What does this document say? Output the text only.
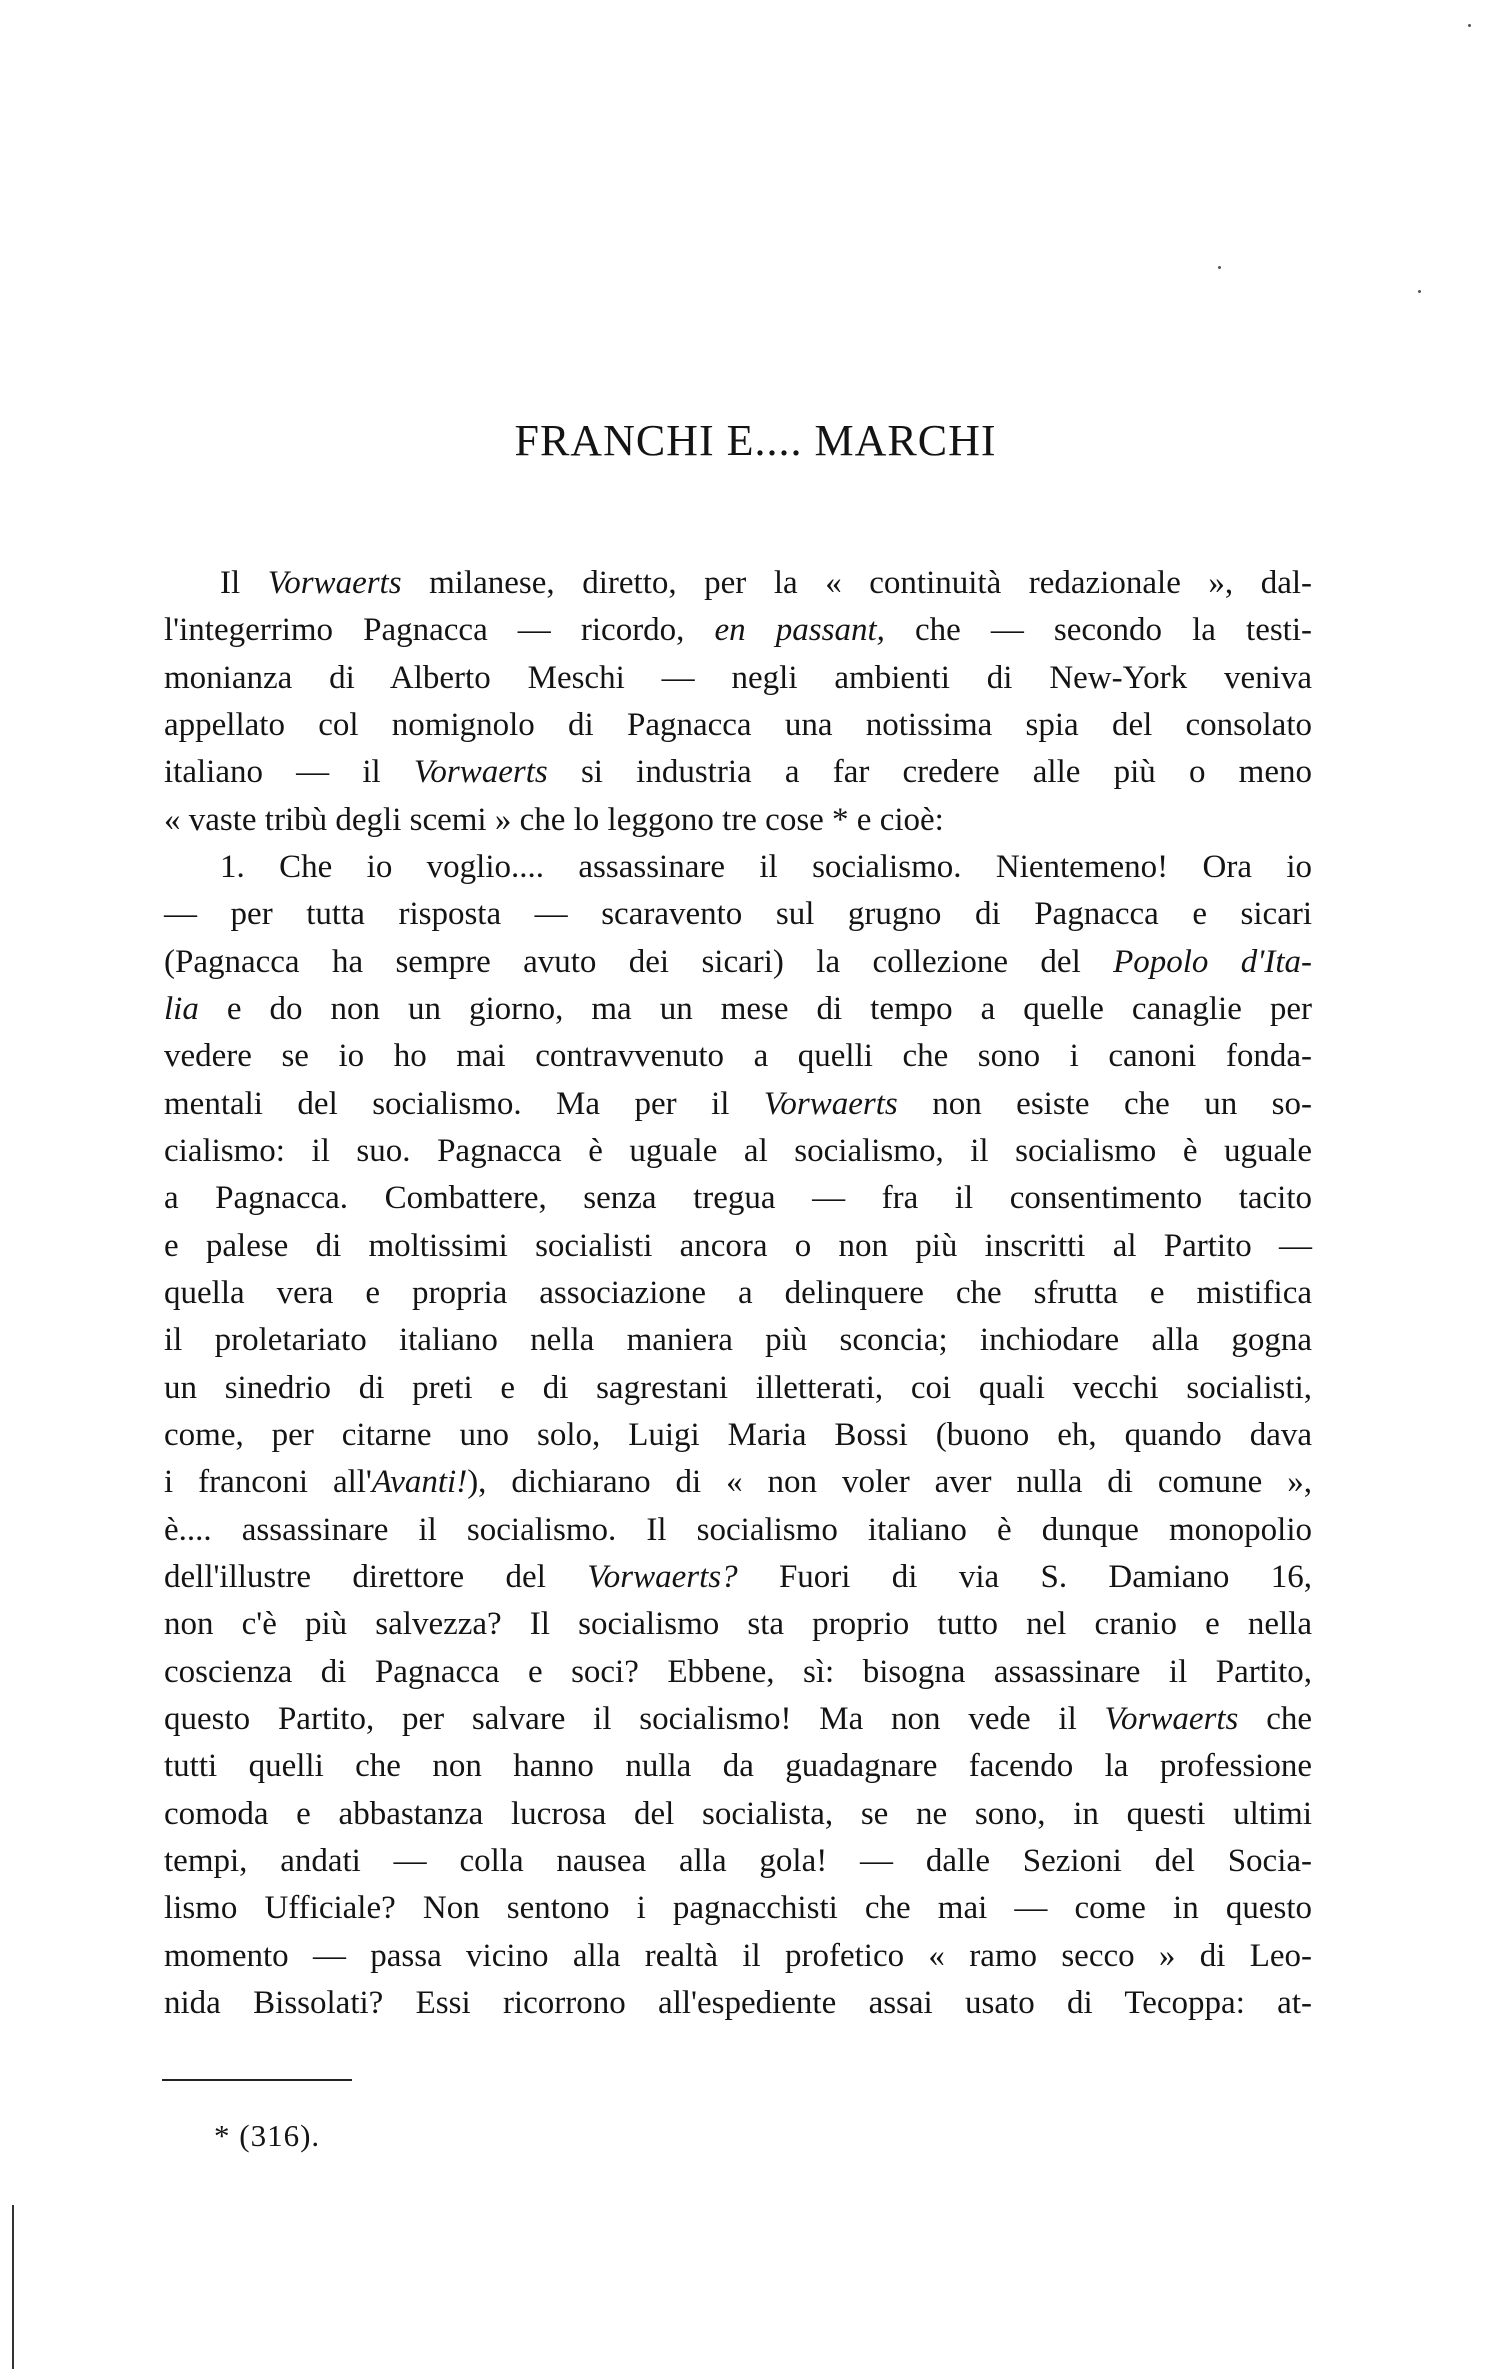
FRANCHI E.... MARCHI
Il Vorwaerts milanese, diretto, per la « continuità redazionale », dal-
l'integerrimo Pagnacca — ricordo, en passant, che — secondo la testi-
monianza di Alberto Meschi — negli ambienti di New-York veniva
appellato col nomignolo di Pagnacca una notissima spia del consolato
italiano — il Vorwaerts si industria a far credere alle più o meno
« vaste tribù degli scemi » che lo leggono tre cose * e cioè:
1. Che io voglio.... assassinare il socialismo. Nientemeno! Ora io
— per tutta risposta — scaravento sul grugno di Pagnacca e sicari
(Pagnacca ha sempre avuto dei sicari) la collezione del Popolo d'Ita-
lia e do non un giorno, ma un mese di tempo a quelle canaglie per
vedere se io ho mai contravvenuto a quelli che sono i canoni fonda-
mentali del socialismo. Ma per il Vorwaerts non esiste che un so-
cialismo: il suo. Pagnacca è uguale al socialismo, il socialismo è uguale
a Pagnacca. Combattere, senza tregua — fra il consentimento tacito
e palese di moltissimi socialisti ancora o non più inscritti al Partito —
quella vera e propria associazione a delinquere che sfrutta e mistifica
il proletariato italiano nella maniera più sconcia; inchiodare alla gogna
un sinedrio di preti e di sagrestani illetterati, coi quali vecchi socialisti,
come, per citarne uno solo, Luigi Maria Bossi (buono eh, quando dava
i franconi all'Avanti!), dichiarano di « non voler aver nulla di comune »,
è.... assassinare il socialismo. Il socialismo italiano è dunque monopolio
dell'illustre direttore del Vorwaerts? Fuori di via S. Damiano 16,
non c'è più salvezza? Il socialismo sta proprio tutto nel cranio e nella
coscienza di Pagnacca e soci? Ebbene, sì: bisogna assassinare il Partito,
questo Partito, per salvare il socialismo! Ma non vede il Vorwaerts che
tutti quelli che non hanno nulla da guadagnare facendo la professione
comoda e abbastanza lucrosa del socialista, se ne sono, in questi ultimi
tempi, andati — colla nausea alla gola! — dalle Sezioni del Socia-
lismo Ufficiale? Non sentono i pagnacchisti che mai — come in questo
momento — passa vicino alla realtà il profetico « ramo secco » di Leo-
nida Bissolati? Essi ricorrono all'espediente assai usato di Tecoppa: at-
* (316).
